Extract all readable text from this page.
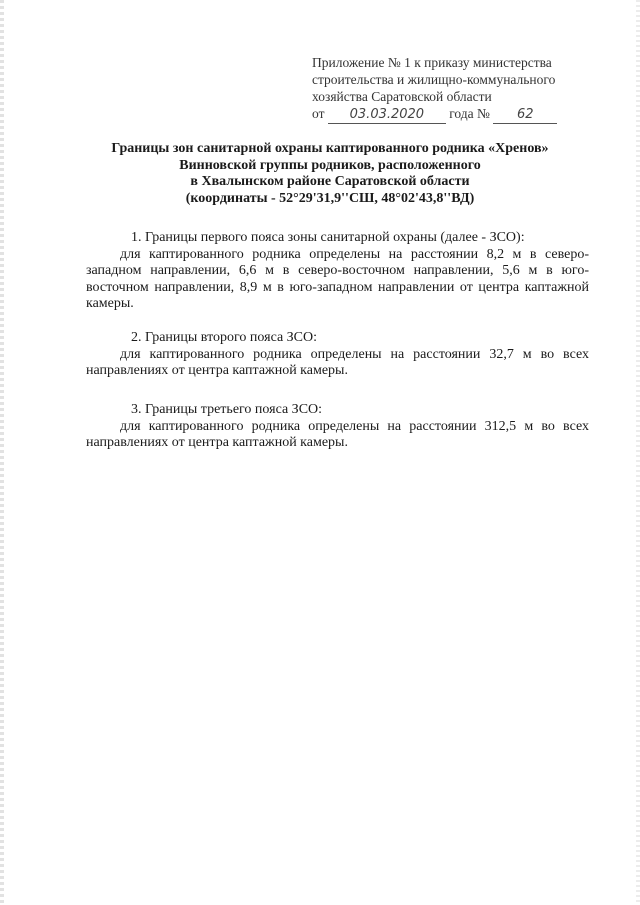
Приложение № 1 к приказу министерства
строительства и жилищно-коммунального
хозяйства Саратовской области
от 03.03.2020 года № 62
Границы зон санитарной охраны каптированного родника «Хренов»
Винновской группы родников, расположенного
в Хвалынском районе Саратовской области
(координаты - 52°29'31,9''СШ, 48°02'43,8''ВД)
1. Границы первого пояса зоны санитарной охраны (далее - ЗСО):
для каптированного родника определены на расстоянии 8,2 м в северо-западном направлении, 6,6 м в северо-восточном направлении, 5,6 м в юго-восточном направлении, 8,9 м в юго-западном направлении от центра каптажной камеры.
2. Границы второго пояса ЗСО:
для каптированного родника определены на расстоянии 32,7 м во всех направлениях от центра каптажной камеры.
3. Границы третьего пояса ЗСО:
для каптированного родника определены на расстоянии 312,5 м во всех направлениях от центра каптажной камеры.
